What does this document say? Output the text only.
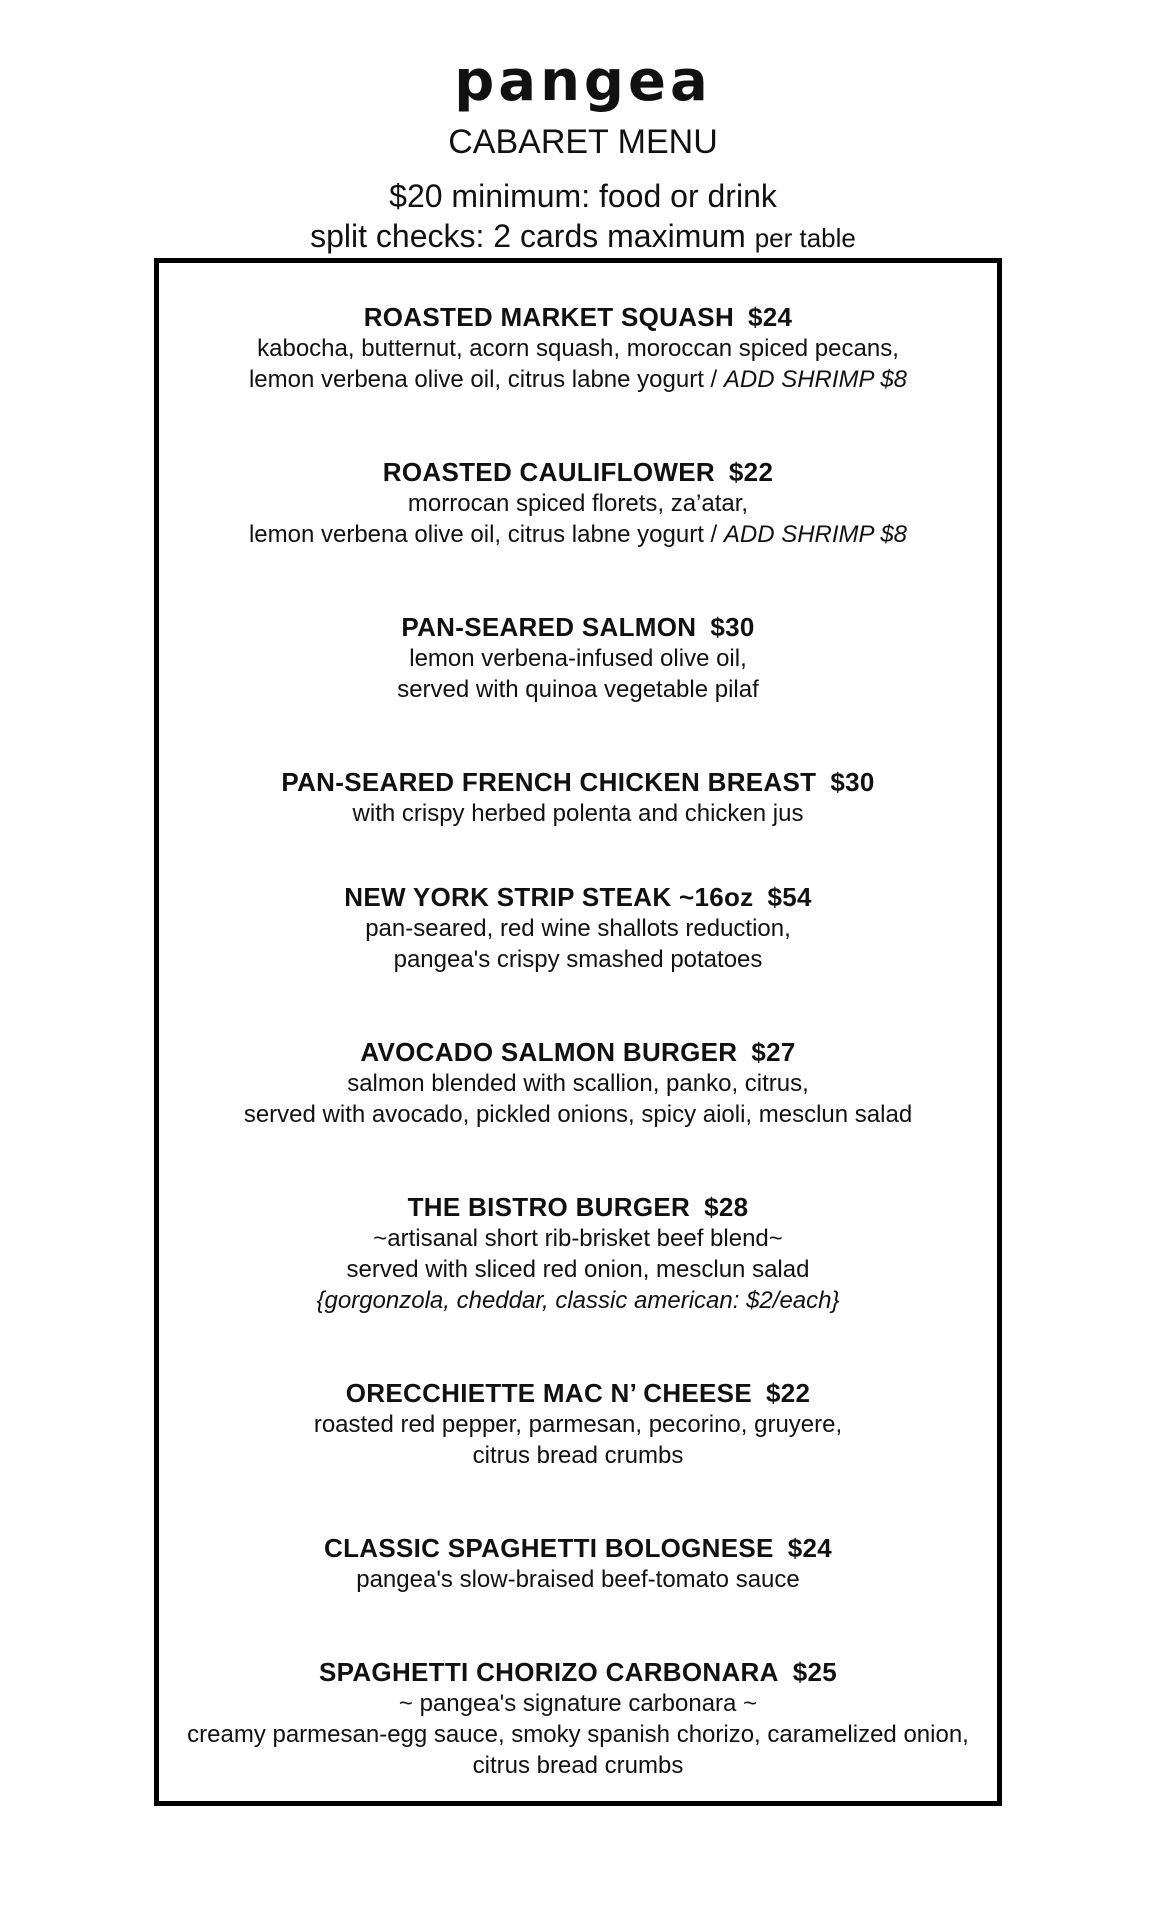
pangea
CABARET MENU
$20 minimum: food or drink
split checks: 2 cards maximum per table
ROASTED MARKET SQUASH $24
kabocha, butternut, acorn squash, moroccan spiced pecans,
lemon verbena olive oil, citrus labne yogurt / ADD SHRIMP $8
ROASTED CAULIFLOWER $22
morrocan spiced florets, za’atar,
lemon verbena olive oil, citrus labne yogurt / ADD SHRIMP $8
PAN-SEARED SALMON $30
lemon verbena-infused olive oil,
served with quinoa vegetable pilaf
PAN-SEARED FRENCH CHICKEN BREAST $30
with crispy herbed polenta and chicken jus
NEW YORK STRIP STEAK ~16oz $54
pan-seared, red wine shallots reduction,
pangea's crispy smashed potatoes
AVOCADO SALMON BURGER $27
salmon blended with scallion, panko, citrus,
served with avocado, pickled onions, spicy aioli, mesclun salad
THE BISTRO BURGER $28
~artisanal short rib-brisket beef blend~
served with sliced red onion, mesclun salad
{gorgonzola, cheddar, classic american: $2/each}
ORECCHIETTE MAC N’ CHEESE $22
roasted red pepper, parmesan, pecorino, gruyere,
citrus bread crumbs
CLASSIC SPAGHETTI BOLOGNESE $24
pangea's slow-braised beef-tomato sauce
SPAGHETTI CHORIZO CARBONARA $25
~ pangea's signature carbonara ~
creamy parmesan-egg sauce, smoky spanish chorizo, caramelized onion,
citrus bread crumbs
